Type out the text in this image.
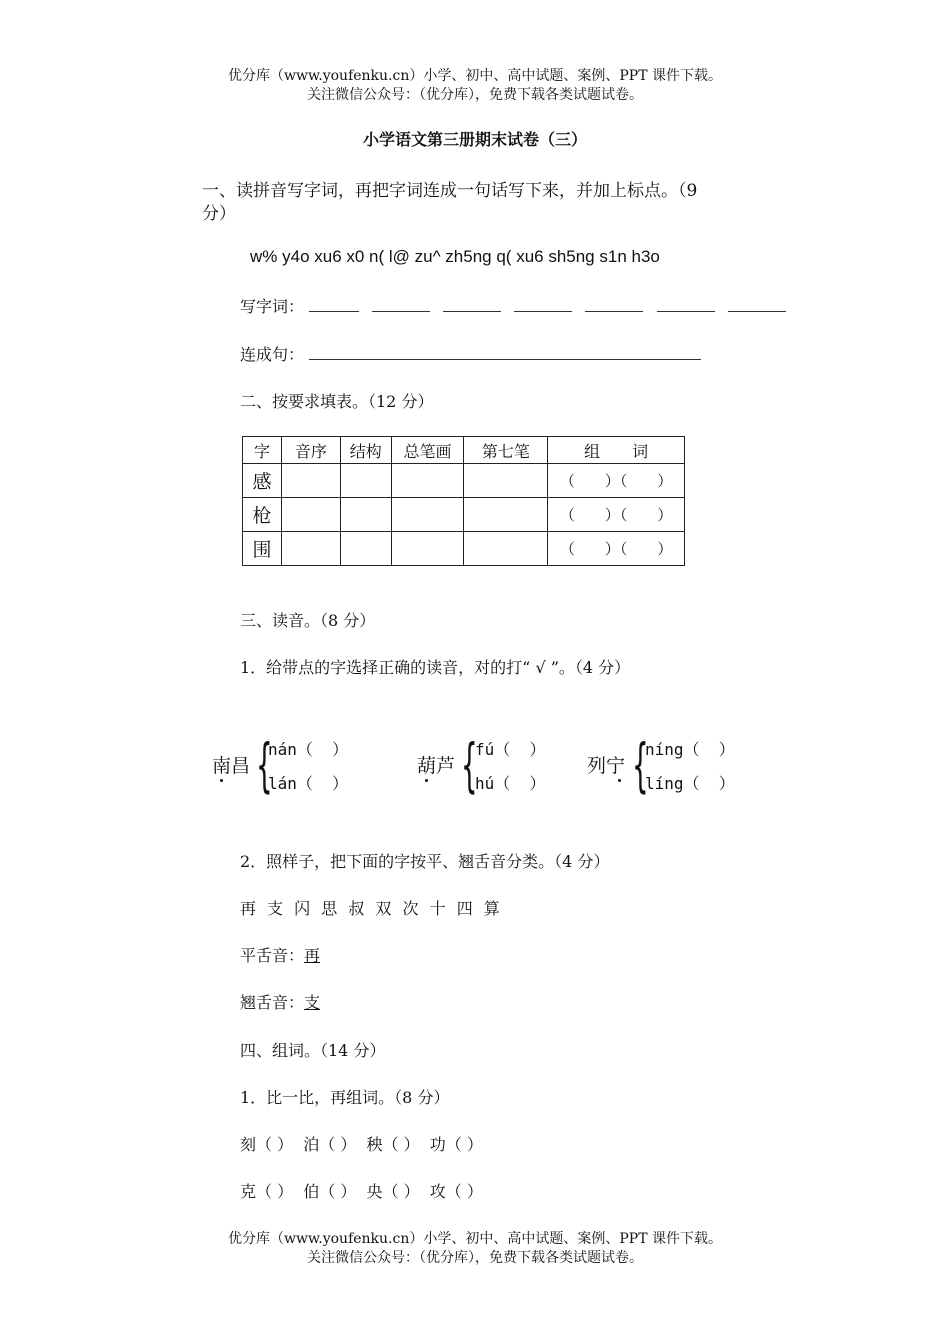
优分库（www.youfenku.cn）小学、初中、高中试题、案例、PPT 课件下载。
关注微信公众号：（优分库），免费下载各类试题试卷。
小学语文第三册期末试卷（三）
一、读拼音写字词，再把字词连成一句话写下来，并加上标点。（9
分）
w% y4o xu6 x0 n( l@ zu^ zh5ng q( xu6 sh5ng s1n h3o
写字词：
连成句：
二、按要求填表。（12 分）
字	音序	结构	总笔画	第七笔	组　　词
感					（　　）（　　）
枪					（　　）（　　）
围					（　　）（　　）
三、读音。（8 分）
1．给带点的字选择正确的读音，对的打“ √ ”。（4 分）
南昌 {
nán（  ）
lán（  ）
葫芦 {
fú（  ）
hú（  ）
列宁 {
níng（  ）
líng（  ）
2．照样子，把下面的字按平、翘舌音分类。（4 分）
再 支 闪 思 叔 双 次 十 四 算
平舌音：再
翘舌音：支
四、组词。（14 分）
1．比一比，再组词。（8 分）
刻（ ）  泊（ ）  秧（ ）  功（ ）
克（ ）  伯（ ）  央（ ）  攻（ ）
优分库（www.youfenku.cn）小学、初中、高中试题、案例、PPT 课件下载。
关注微信公众号：（优分库），免费下载各类试题试卷。
